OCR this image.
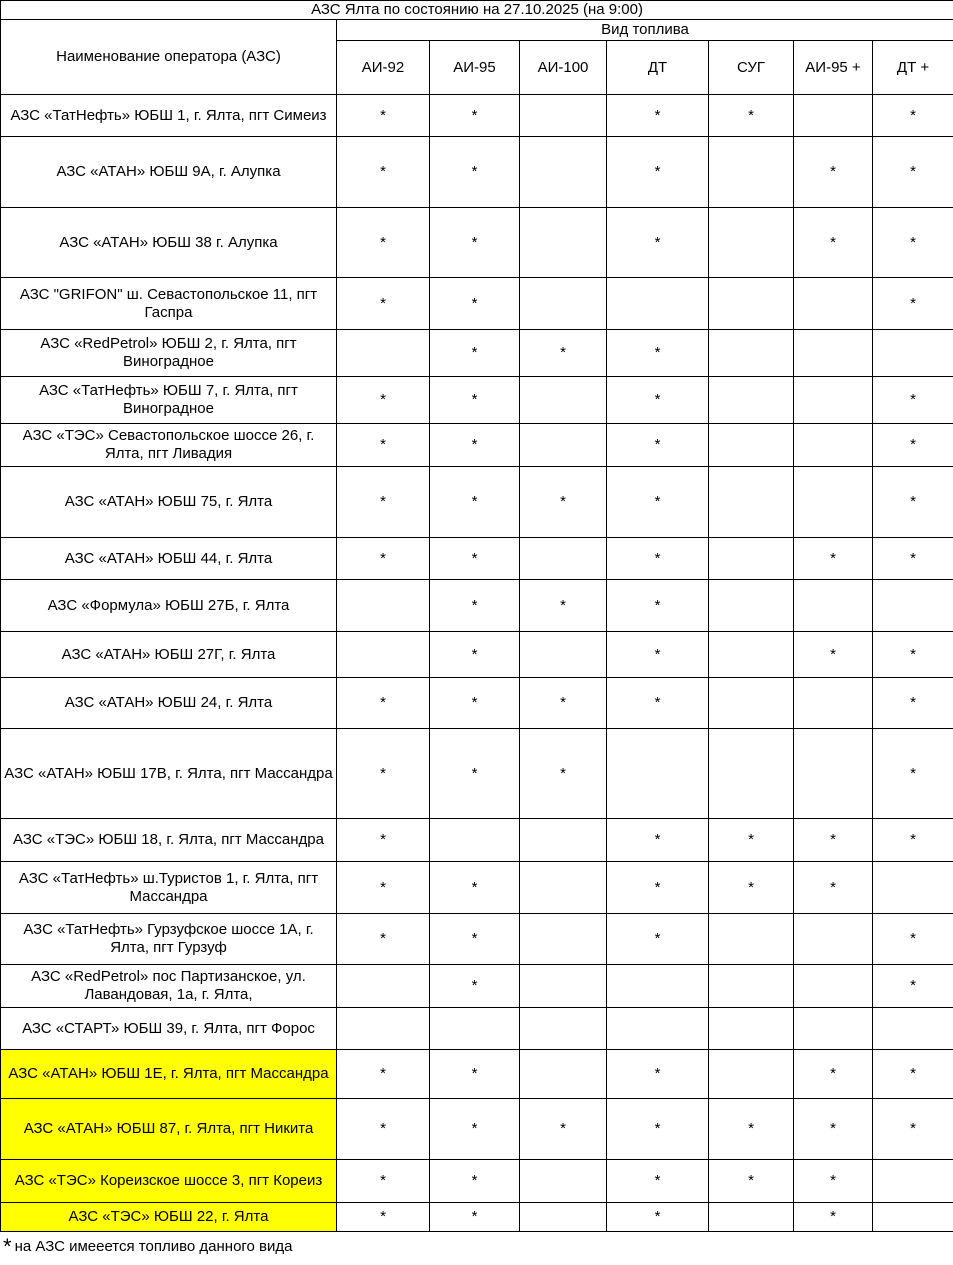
АЗС Ялта по состоянию на 27.10.2025 (на 9:00)							
Наименование оператора (АЗС)	Вид топлива						
	АИ-92	АИ-95	АИ-100	ДТ	СУГ	АИ-95 +	ДТ +
АЗС «ТатНефть» ЮБШ 1, г. Ялта, пгт Симеиз	*	*		*	*		*
АЗС «АТАН» ЮБШ 9А, г. Алупка	*	*		*		*	*
АЗС «АТАН» ЮБШ 38 г. Алупка	*	*		*		*	*
АЗС "GRIFON" ш. Севастопольское 11, пгт Гаспра	*	*					*
АЗС «RedPetrol» ЮБШ 2, г. Ялта, пгт Виноградное		*	*	*			
АЗС «ТатНефть» ЮБШ 7, г. Ялта, пгт Виноградное	*	*		*			*
АЗС «ТЭС» Севастопольское шоссе 26, г. Ялта, пгт Ливадия	*	*		*			*
АЗС «АТАН» ЮБШ 75, г. Ялта	*	*	*	*			*
АЗС «АТАН» ЮБШ 44, г. Ялта	*	*		*		*	*
АЗС «Формула» ЮБШ 27Б, г. Ялта		*	*	*			
АЗС «АТАН» ЮБШ 27Г, г. Ялта		*		*		*	*
АЗС «АТАН» ЮБШ 24, г. Ялта	*	*	*	*			*
АЗС «АТАН» ЮБШ 17В, г. Ялта, пгт Массандра	*	*	*				*
АЗС «ТЭС» ЮБШ 18, г. Ялта, пгт Массандра	*			*	*	*	*
АЗС «ТатНефть» ш.Туристов 1, г. Ялта, пгт Массандра	*	*		*	*	*	
АЗС «ТатНефть» Гурзуфское шоссе 1А, г. Ялта, пгт Гурзуф	*	*		*			*
АЗС «RedPetrol» пос Партизанское, ул. Лавандовая, 1а, г. Ялта,		*					*
АЗС «СТАРТ» ЮБШ 39, г. Ялта, пгт Форос							
АЗС «АТАН» ЮБШ 1Е, г. Ялта, пгт Массандра	*	*		*		*	*
АЗС «АТАН» ЮБШ 87, г. Ялта, пгт Никита	*	*	*	*	*	*	*
АЗС «ТЭС» Кореизское шоссе 3, пгт Кореиз	*	*		*	*	*	
АЗС «ТЭС» ЮБШ 22, г. Ялта	*	*		*		*	
* на АЗС имееется топливо данного вида
